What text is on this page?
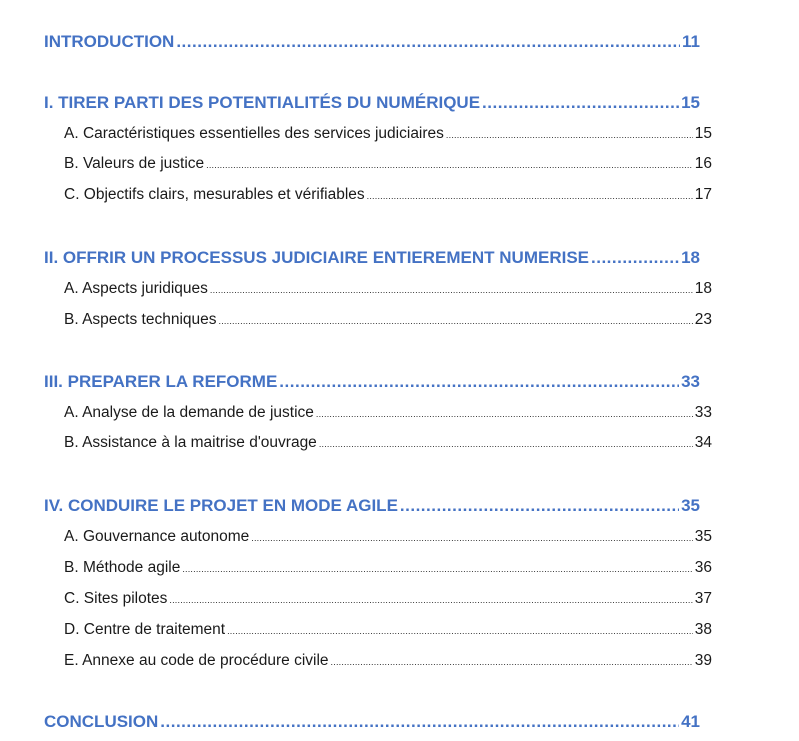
INTRODUCTION .....	11
I. TIRER PARTI DES POTENTIALITÉS DU NUMÉRIQUE .....	15
A. Caractéristiques essentielles des services judiciaires .....	15
B. Valeurs de justice .....	16
C. Objectifs clairs, mesurables et vérifiables .....	17
II. OFFRIR UN PROCESSUS JUDICIAIRE ENTIEREMENT NUMERISE .....	18
A. Aspects juridiques .....	18
B. Aspects techniques .....	23
III. PREPARER LA REFORME .....	33
A. Analyse de la demande de justice .....	33
B. Assistance à la maitrise d'ouvrage .....	34
IV. CONDUIRE LE PROJET EN MODE AGILE .....	35
A. Gouvernance autonome .....	35
B. Méthode agile .....	36
C. Sites pilotes .....	37
D. Centre de traitement .....	38
E. Annexe au code de procédure civile .....	39
CONCLUSION .....	41
